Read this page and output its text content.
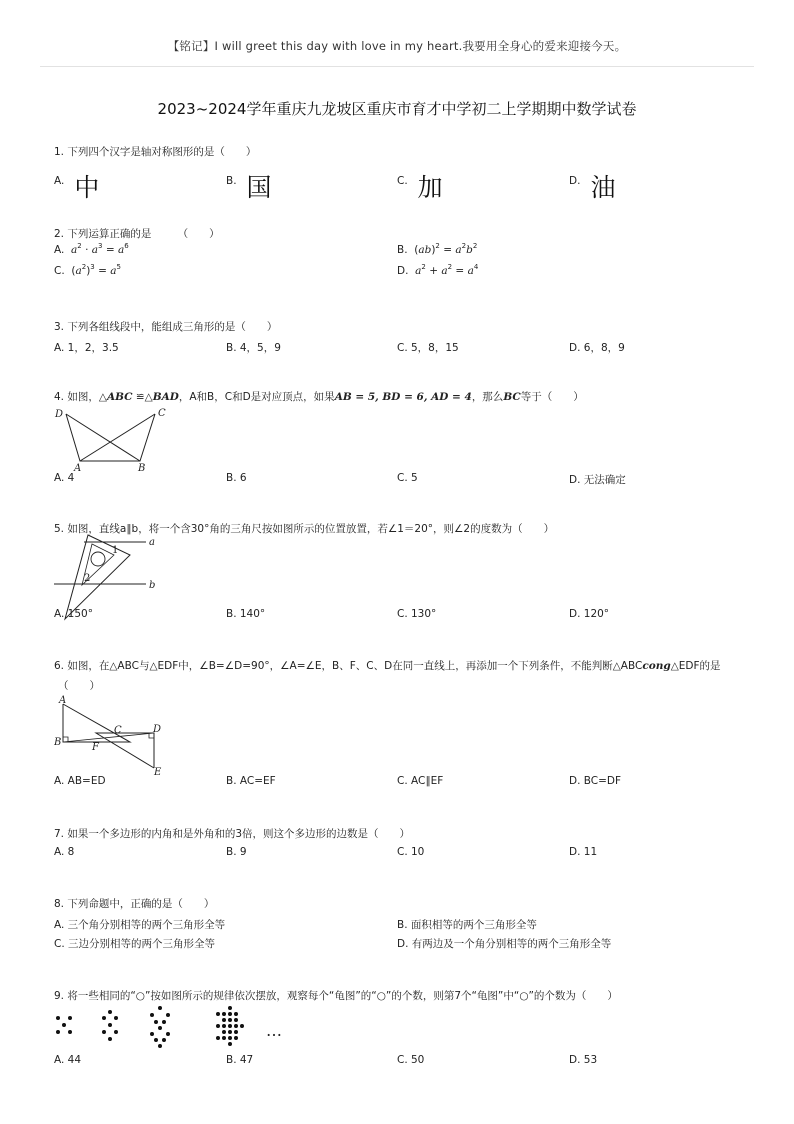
【铭记】I will greet this day with love in my heart.我要用全身心的爱来迎接今天。
2023~2024学年重庆九龙坡区重庆市育才中学初二上学期期中数学试卷
1. 下列四个汉字是轴对称图形的是（　　）
A. 中	B. 国	C. 加	D. 油
2. 下列运算正确的是　　　（　　）
A. $a^2 \cdot a^3 = a^6$	B.  $(ab)^2 = a^2b^2$
C.  $(a^2)^3 = a^5$	D. $a^2 + a^2 = a^4$
3. 下列各组线段中，能组成三角形的是（　　）
A. 1，2，3.5	B. 4，5，9	C. 5，8，15	D. 6，8，9
4. 如图，△ABC ≌△BAD，A和B，C和D是对应顶点，如果AB = 5, BD = 6, AD = 4，那么BC等于（　　）
D	C
A	B
A. 4	B. 6	C. 5	D. 无法确定
5. 如图，直线a∥b，将一个含30°角的三角尺按如图所示的位置放置，若∠1＝20°，则∠2的度数为（　　）
a
b
1
2
A. 150°	B. 140°	C. 130°	D. 120°
6. 如图，在△ABC与△EDF中，∠B=∠D=90°，∠A=∠E，B、F、C、D在同一直线上，再添加一个下列条件，不能判断△ABCcong△EDF的是
（　　）
A
B
C	D
E
F
A. AB=ED	B. AC=EF	C. AC∥EF	D. BC=DF
7. 如果一个多边形的内角和是外角和的3倍，则这个多边形的边数是（　　）
A. 8	B. 9	C. 10	D. 11
8. 下列命题中，正确的是（　　）
A. 三个角分别相等的两个三角形全等	B. 面积相等的两个三角形全等
C. 三边分别相等的两个三角形全等	D. 有两边及一个角分别相等的两个三角形全等
9. 将一些相同的“○”按如图所示的规律依次摆放，观察每个“龟图”的“○”的个数，则第7个“龟图”中“○”的个数为（　　）
…
A. 44	B. 47	C. 50	D. 53
